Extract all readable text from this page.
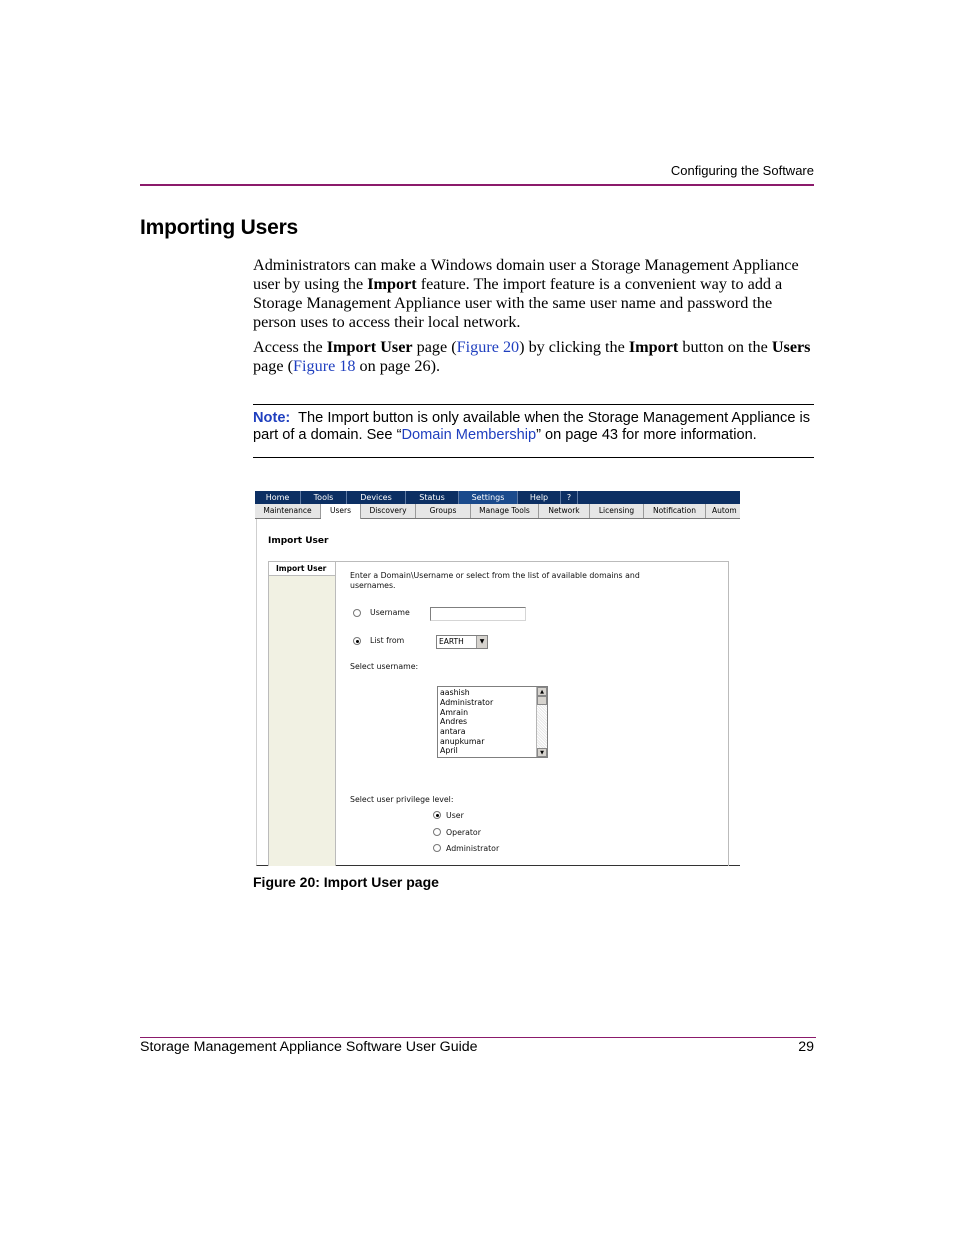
Configuring the Software
Importing Users
Administrators can make a Windows domain user a Storage Management Appliance user by using the Import feature. The import feature is a convenient way to add a Storage Management Appliance user with the same user name and password the person uses to access their local network.
Access the Import User page (Figure 20) by clicking the Import button on the Users page (Figure 18 on page 26).
Note:  The Import button is only available when the Storage Management Appliance is part of a domain. See “Domain Membership” on page 43 for more information.
Home	Tools	Devices	Status	Settings	Help	?
Maintenance	Users	Discovery	Groups	Manage Tools	Network	Licensing	Notification	Autom
Import User
Import User
Enter a Domain\Username or select from the list of available domains and
usernames.
Username
List from	EARTH	▼
Select username:
aashish
Administrator
Amrain
Andres
antara
anupkumar
April
▲
▼
Select user privilege level:
User
Operator
Administrator
Figure 20: Import User page
Storage Management Appliance Software User Guide	29
